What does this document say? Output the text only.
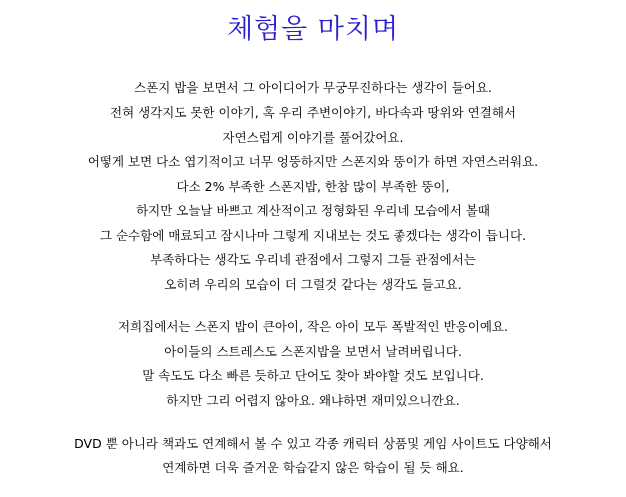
체험을 마치며
스폰지 밥을 보면서 그 아이디어가 무궁무진하다는 생각이 들어요.
전혀 생각지도 못한 이야기, 혹 우리 주변이야기, 바다속과 땅위와 연결해서
자연스럽게 이야기를 풀어갔어요.
어떻게 보면 다소 엽기적이고 너무 엉뚱하지만 스폰지와 뚱이가 하면 자연스러워요.
다소 2% 부족한 스폰지밥, 한참 많이 부족한 뚱이,
하지만 오늘날 바쁘고 계산적이고 정형화된 우리네 모습에서 볼때
그 순수함에 매료되고 잠시나마 그렇게 지내보는 것도 좋겠다는 생각이 듭니다.
부족하다는 생각도 우리네 관점에서 그렇지 그들 관점에서는
오히려 우리의 모습이 더 그럴것 같다는 생각도 들고요.
저희집에서는 스폰지 밥이 큰아이, 작은 아이 모두 폭발적인 반응이예요.
아이들의 스트레스도 스폰지밥을 보면서 날려버립니다.
말 속도도 다소 빠른 듯하고 단어도 찾아 봐야할 것도 보입니다.
하지만 그리 어렵지 않아요. 왜냐하면 재미있으니깐요.
DVD 뿐 아니라 책과도 연계해서 볼 수 있고 각종 캐릭터 상품및 게임 사이트도 다양해서
연계하면 더욱 즐거운 학습같지 않은 학습이 될 듯 해요.
